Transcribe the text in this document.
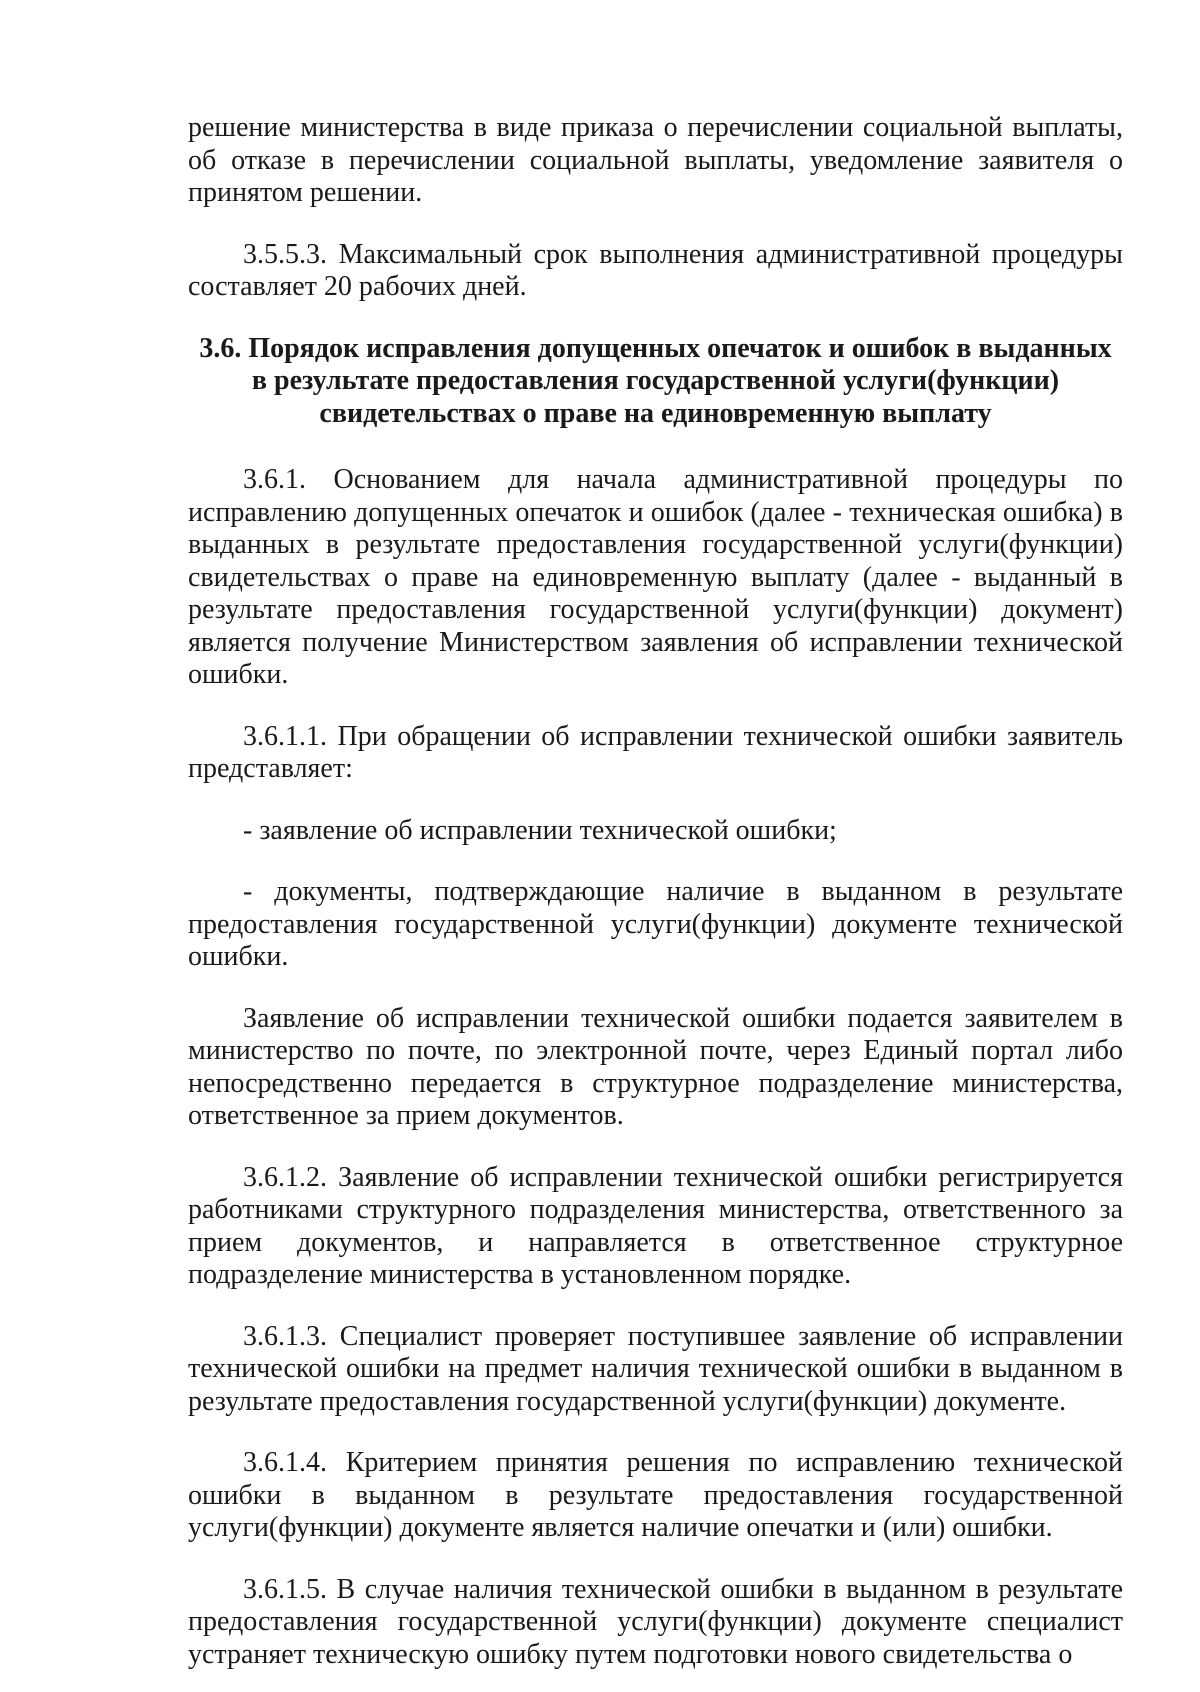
решение министерства в виде приказа о перечислении социальной выплаты, об отказе в перечислении социальной выплаты, уведомление заявителя о принятом решении.

3.5.5.3. Максимальный срок выполнения административной процедуры составляет 20 рабочих дней.

3.6. Порядок исправления допущенных опечаток и ошибок в выданных в результате предоставления государственной услуги(функции) свидетельствах о праве на единовременную выплату

3.6.1. Основанием для начала административной процедуры по исправлению допущенных опечаток и ошибок (далее - техническая ошибка) в выданных в результате предоставления государственной услуги(функции) свидетельствах о праве на единовременную выплату (далее - выданный в результате предоставления государственной услуги(функции) документ) является получение Министерством заявления об исправлении технической ошибки.

3.6.1.1. При обращении об исправлении технической ошибки заявитель представляет:

- заявление об исправлении технической ошибки;

- документы, подтверждающие наличие в выданном в результате предоставления государственной услуги(функции) документе технической ошибки.

Заявление об исправлении технической ошибки подается заявителем в министерство по почте, по электронной почте, через Единый портал либо непосредственно передается в структурное подразделение министерства, ответственное за прием документов.

3.6.1.2. Заявление об исправлении технической ошибки регистрируется работниками структурного подразделения министерства, ответственного за прием документов, и направляется в ответственное структурное подразделение министерства в установленном порядке.

3.6.1.3. Специалист проверяет поступившее заявление об исправлении технической ошибки на предмет наличия технической ошибки в выданном в результате предоставления государственной услуги(функции) документе.

3.6.1.4. Критерием принятия решения по исправлению технической ошибки в выданном в результате предоставления государственной услуги(функции) документе является наличие опечатки и (или) ошибки.

3.6.1.5. В случае наличия технической ошибки в выданном в результате предоставления государственной услуги(функции) документе специалист устраняет техническую ошибку путем подготовки нового свидетельства о
